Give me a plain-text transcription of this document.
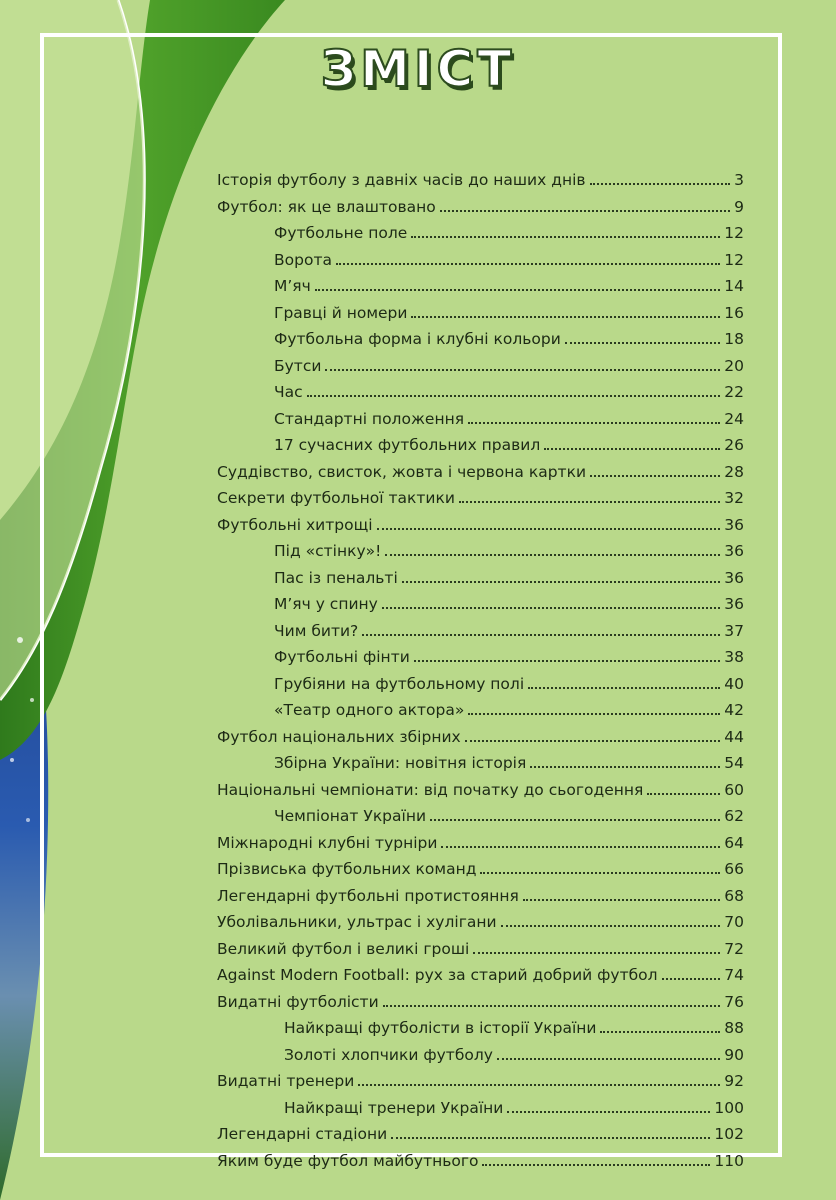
ЗМІСТ
Історія футболу з давніх часів до наших днів	3
Футбол: як це влаштовано	9
Футбольне поле	12
Ворота	12
М’яч	14
Гравці й номери	16
Футбольна форма і клубні кольори	18
Бутси	20
Час	22
Стандартні положення	24
17 сучасних футбольних правил	26
Суддівство, свисток, жовта і червона картки	28
Секрети футбольної тактики	32
Футбольні хитрощі	36
Під «стінку»!	36
Пас із пенальті	36
М’яч у спину	36
Чим бити?	37
Футбольні фінти	38
Грубіяни на футбольному полі	40
«Театр одного актора»	42
Футбол національних збірних	44
Збірна України: новітня історія	54
Національні чемпіонати: від початку до сьогодення	60
Чемпіонат України	62
Міжнародні клубні турніри	64
Прізвиська футбольних команд	66
Легендарні футбольні протистояння	68
Уболівальники, ультрас і хулігани	70
Великий футбол і великі гроші	72
Against Modern Football: рух за старий добрий футбол	74
Видатні футболісти	76
Найкращі футболісти в історії України	88
Золоті хлопчики футболу	90
Видатні тренери	92
Найкращі тренери України	100
Легендарні стадіони	102
Яким буде футбол майбутнього	110
